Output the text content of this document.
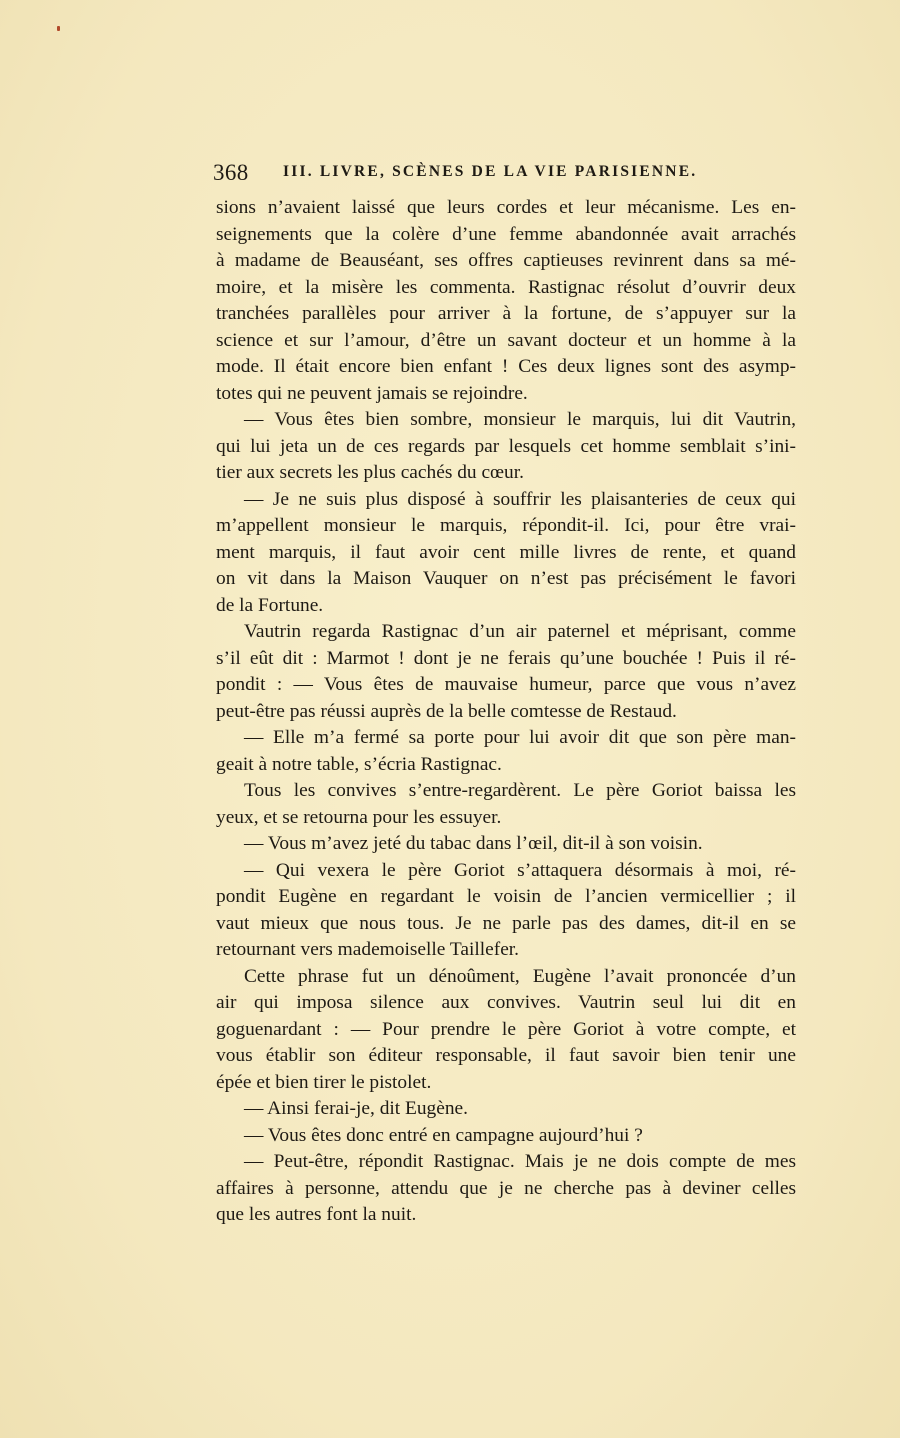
368 III. LIVRE, SCÈNES DE LA VIE PARISIENNE.
sions n’avaient laissé que leurs cordes et leur mécanisme. Les en-
seignements que la colère d’une femme abandonnée avait arrachés
à madame de Beauséant, ses offres captieuses revinrent dans sa mé-
moire, et la misère les commenta. Rastignac résolut d’ouvrir deux
tranchées parallèles pour arriver à la fortune, de s’appuyer sur la
science et sur l’amour, d’être un savant docteur et un homme à la
mode. Il était encore bien enfant ! Ces deux lignes sont des asymp-
totes qui ne peuvent jamais se rejoindre.
— Vous êtes bien sombre, monsieur le marquis, lui dit Vautrin,
qui lui jeta un de ces regards par lesquels cet homme semblait s’ini-
tier aux secrets les plus cachés du cœur.
— Je ne suis plus disposé à souffrir les plaisanteries de ceux qui
m’appellent monsieur le marquis, répondit-il. Ici, pour être vrai-
ment marquis, il faut avoir cent mille livres de rente, et quand
on vit dans la Maison Vauquer on n’est pas précisément le favori
de la Fortune.
Vautrin regarda Rastignac d’un air paternel et méprisant, comme
s’il eût dit : Marmot ! dont je ne ferais qu’une bouchée ! Puis il ré-
pondit : — Vous êtes de mauvaise humeur, parce que vous n’avez
peut-être pas réussi auprès de la belle comtesse de Restaud.
— Elle m’a fermé sa porte pour lui avoir dit que son père man-
geait à notre table, s’écria Rastignac.
Tous les convives s’entre-regardèrent. Le père Goriot baissa les
yeux, et se retourna pour les essuyer.
— Vous m’avez jeté du tabac dans l’œil, dit-il à son voisin.
— Qui vexera le père Goriot s’attaquera désormais à moi, ré-
pondit Eugène en regardant le voisin de l’ancien vermicellier ; il
vaut mieux que nous tous. Je ne parle pas des dames, dit-il en se
retournant vers mademoiselle Taillefer.
Cette phrase fut un dénoûment, Eugène l’avait prononcée d’un
air qui imposa silence aux convives. Vautrin seul lui dit en
goguenardant : — Pour prendre le père Goriot à votre compte, et
vous établir son éditeur responsable, il faut savoir bien tenir une
épée et bien tirer le pistolet.
— Ainsi ferai-je, dit Eugène.
— Vous êtes donc entré en campagne aujourd’hui ?
— Peut-être, répondit Rastignac. Mais je ne dois compte de mes
affaires à personne, attendu que je ne cherche pas à deviner celles
que les autres font la nuit.
